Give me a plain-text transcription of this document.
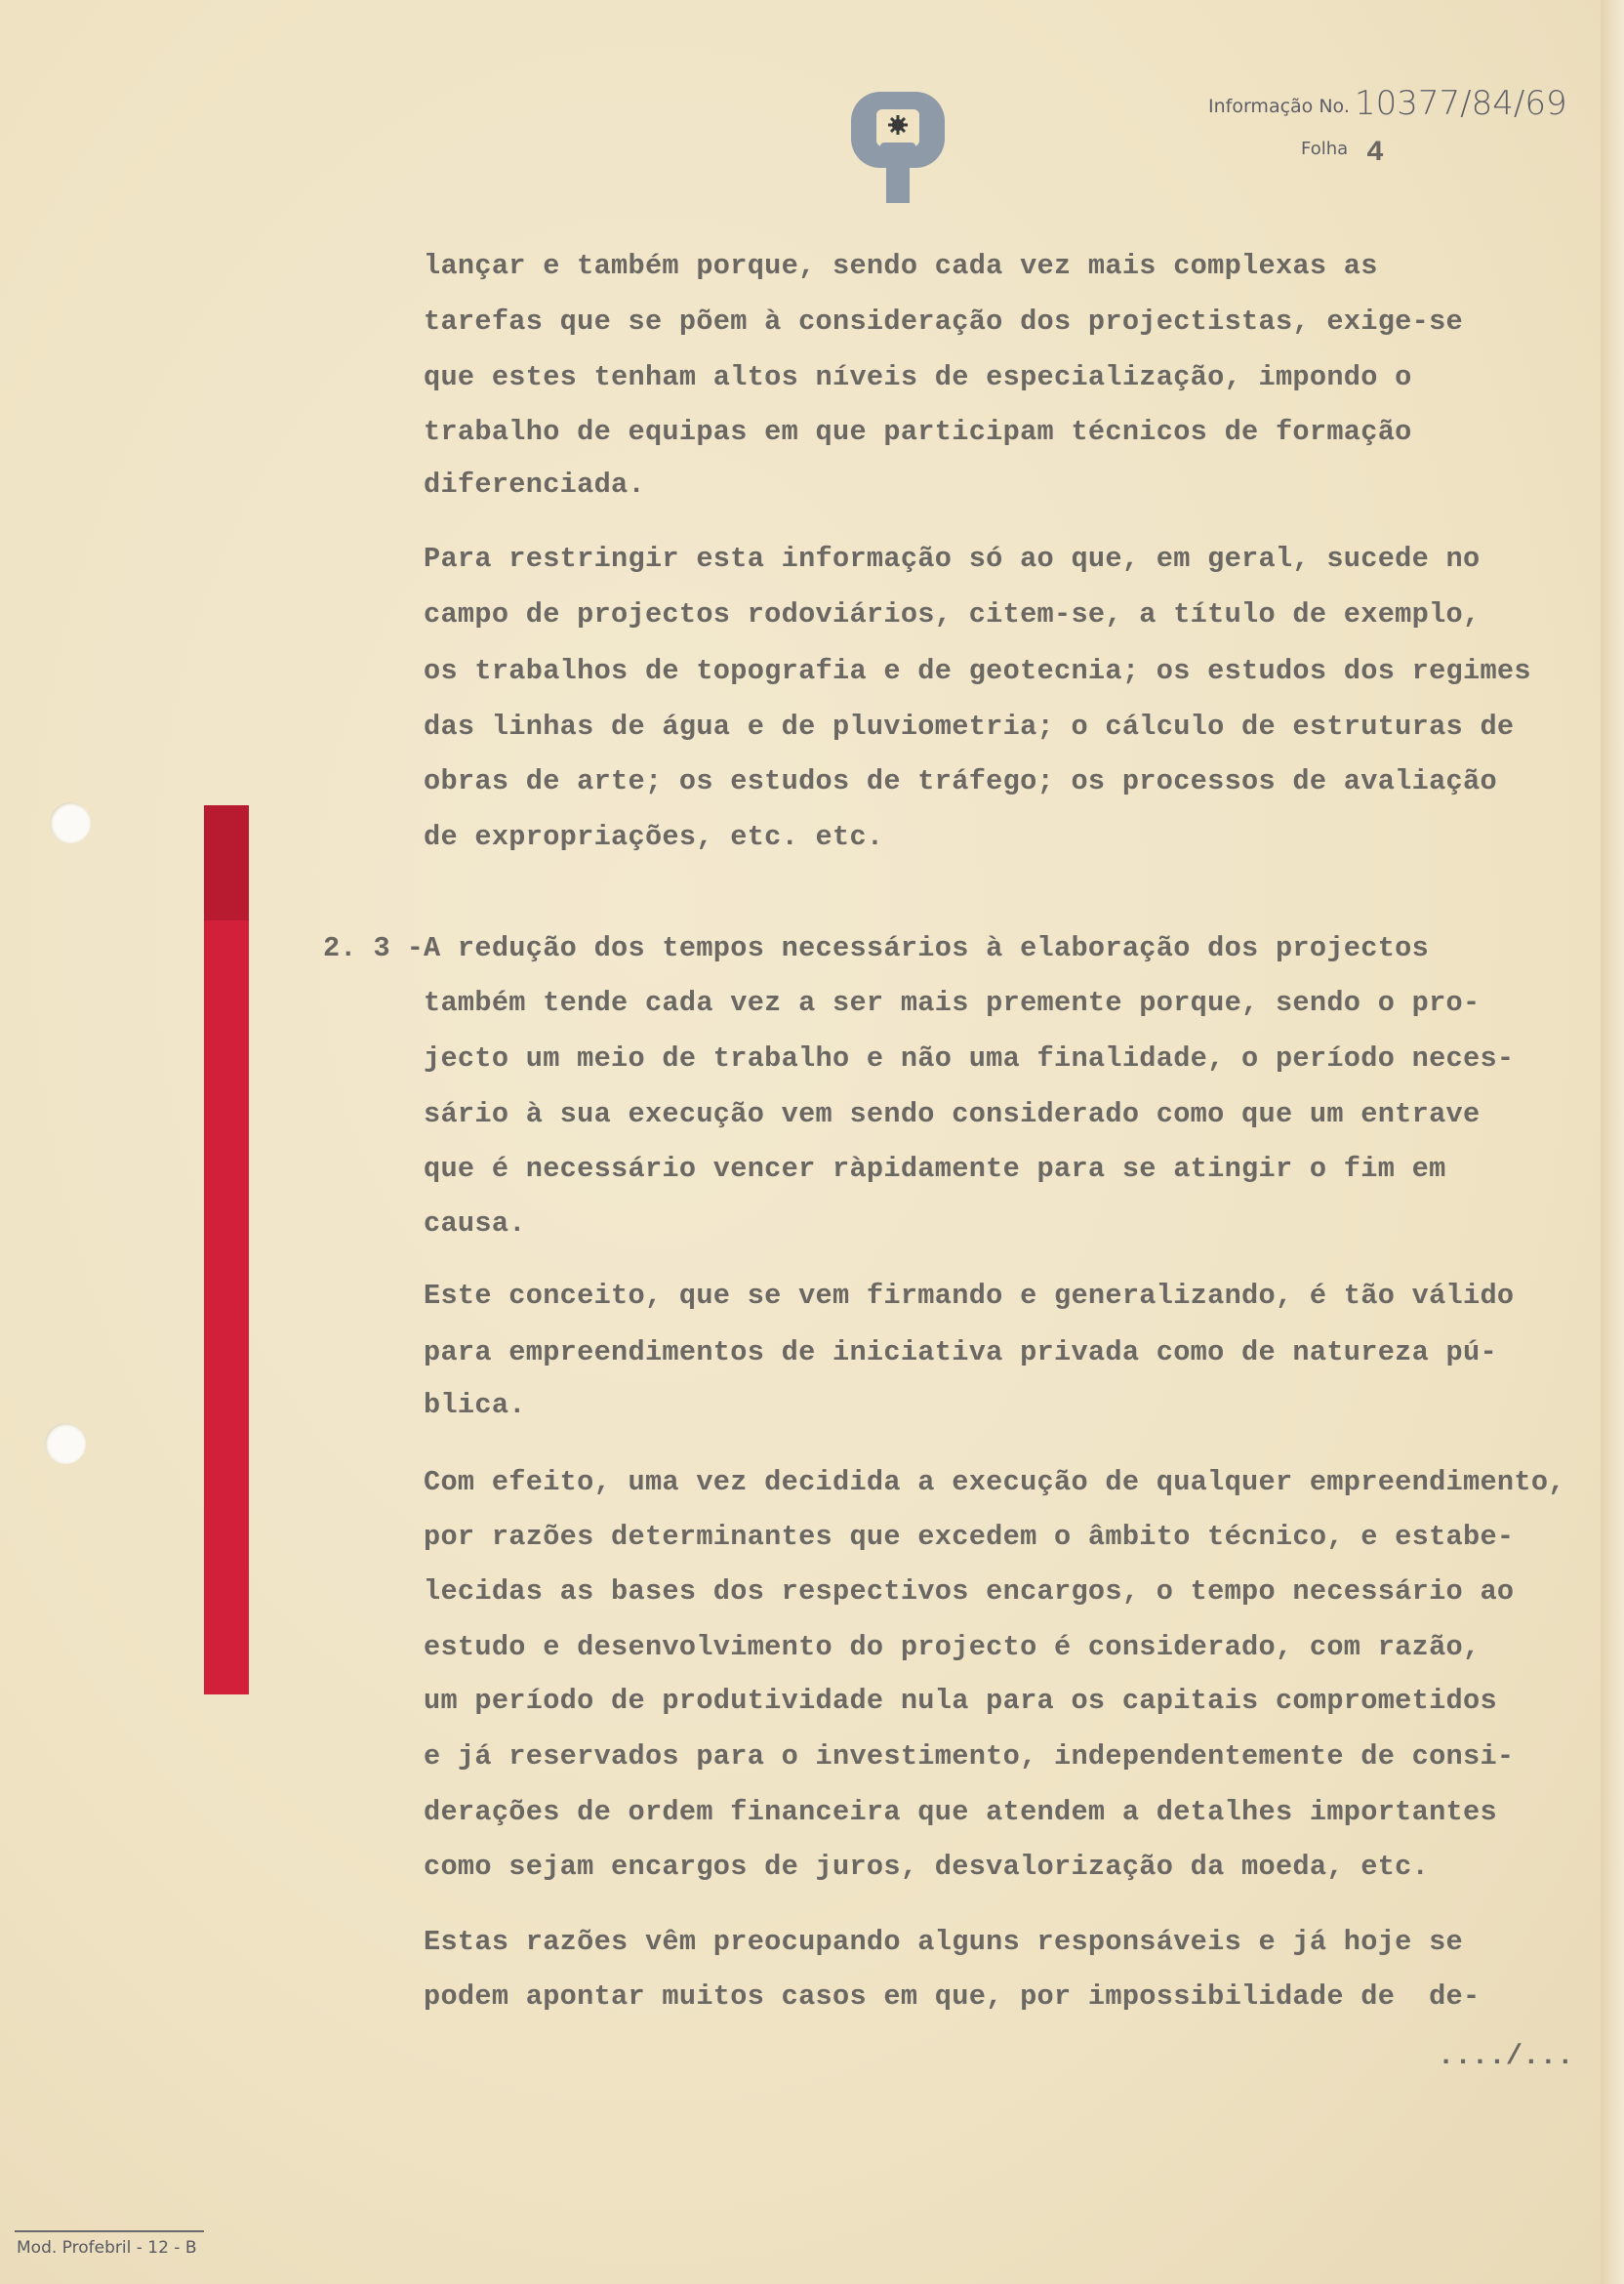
Informação No. 10377/84/69
Folha 4
lançar e também porque, sendo cada vez mais complexas as
tarefas que se põem à consideração dos projectistas, exige-se
que estes tenham altos níveis de especialização, impondo o
trabalho de equipas em que participam técnicos de formação
diferenciada.
Para restringir esta informação só ao que, em geral, sucede no
campo de projectos rodoviários, citem-se, a título de exemplo,
os trabalhos de topografia e de geotecnia; os estudos dos regimes
das linhas de água e de pluviometria; o cálculo de estruturas de
obras de arte; os estudos de tráfego; os processos de avaliação
de expropriações, etc. etc.
2. 3 - A redução dos tempos necessários à elaboração dos projectos
também tende cada vez a ser mais premente porque, sendo o pro-
jecto um meio de trabalho e não uma finalidade, o período neces-
sário à sua execução vem sendo considerado como que um entrave
que é necessário vencer ràpidamente para se atingir o fim em
causa.
Este conceito, que se vem firmando e generalizando, é tão válido
para empreendimentos de iniciativa privada como de natureza pú-
blica.
Com efeito, uma vez decidida a execução de qualquer empreendimento,
por razões determinantes que excedem o âmbito técnico, e estabe-
lecidas as bases dos respectivos encargos, o tempo necessário ao
estudo e desenvolvimento do projecto é considerado, com razão,
um período de produtividade nula para os capitais comprometidos
e já reservados para o investimento, independentemente de consi-
derações de ordem financeira que atendem a detalhes importantes
como sejam encargos de juros, desvalorização da moeda, etc.
Estas razões vêm preocupando alguns responsáveis e já hoje se
podem apontar muitos casos em que, por impossibilidade de  de-
..../...
Mod. Profebril - 12 - B
